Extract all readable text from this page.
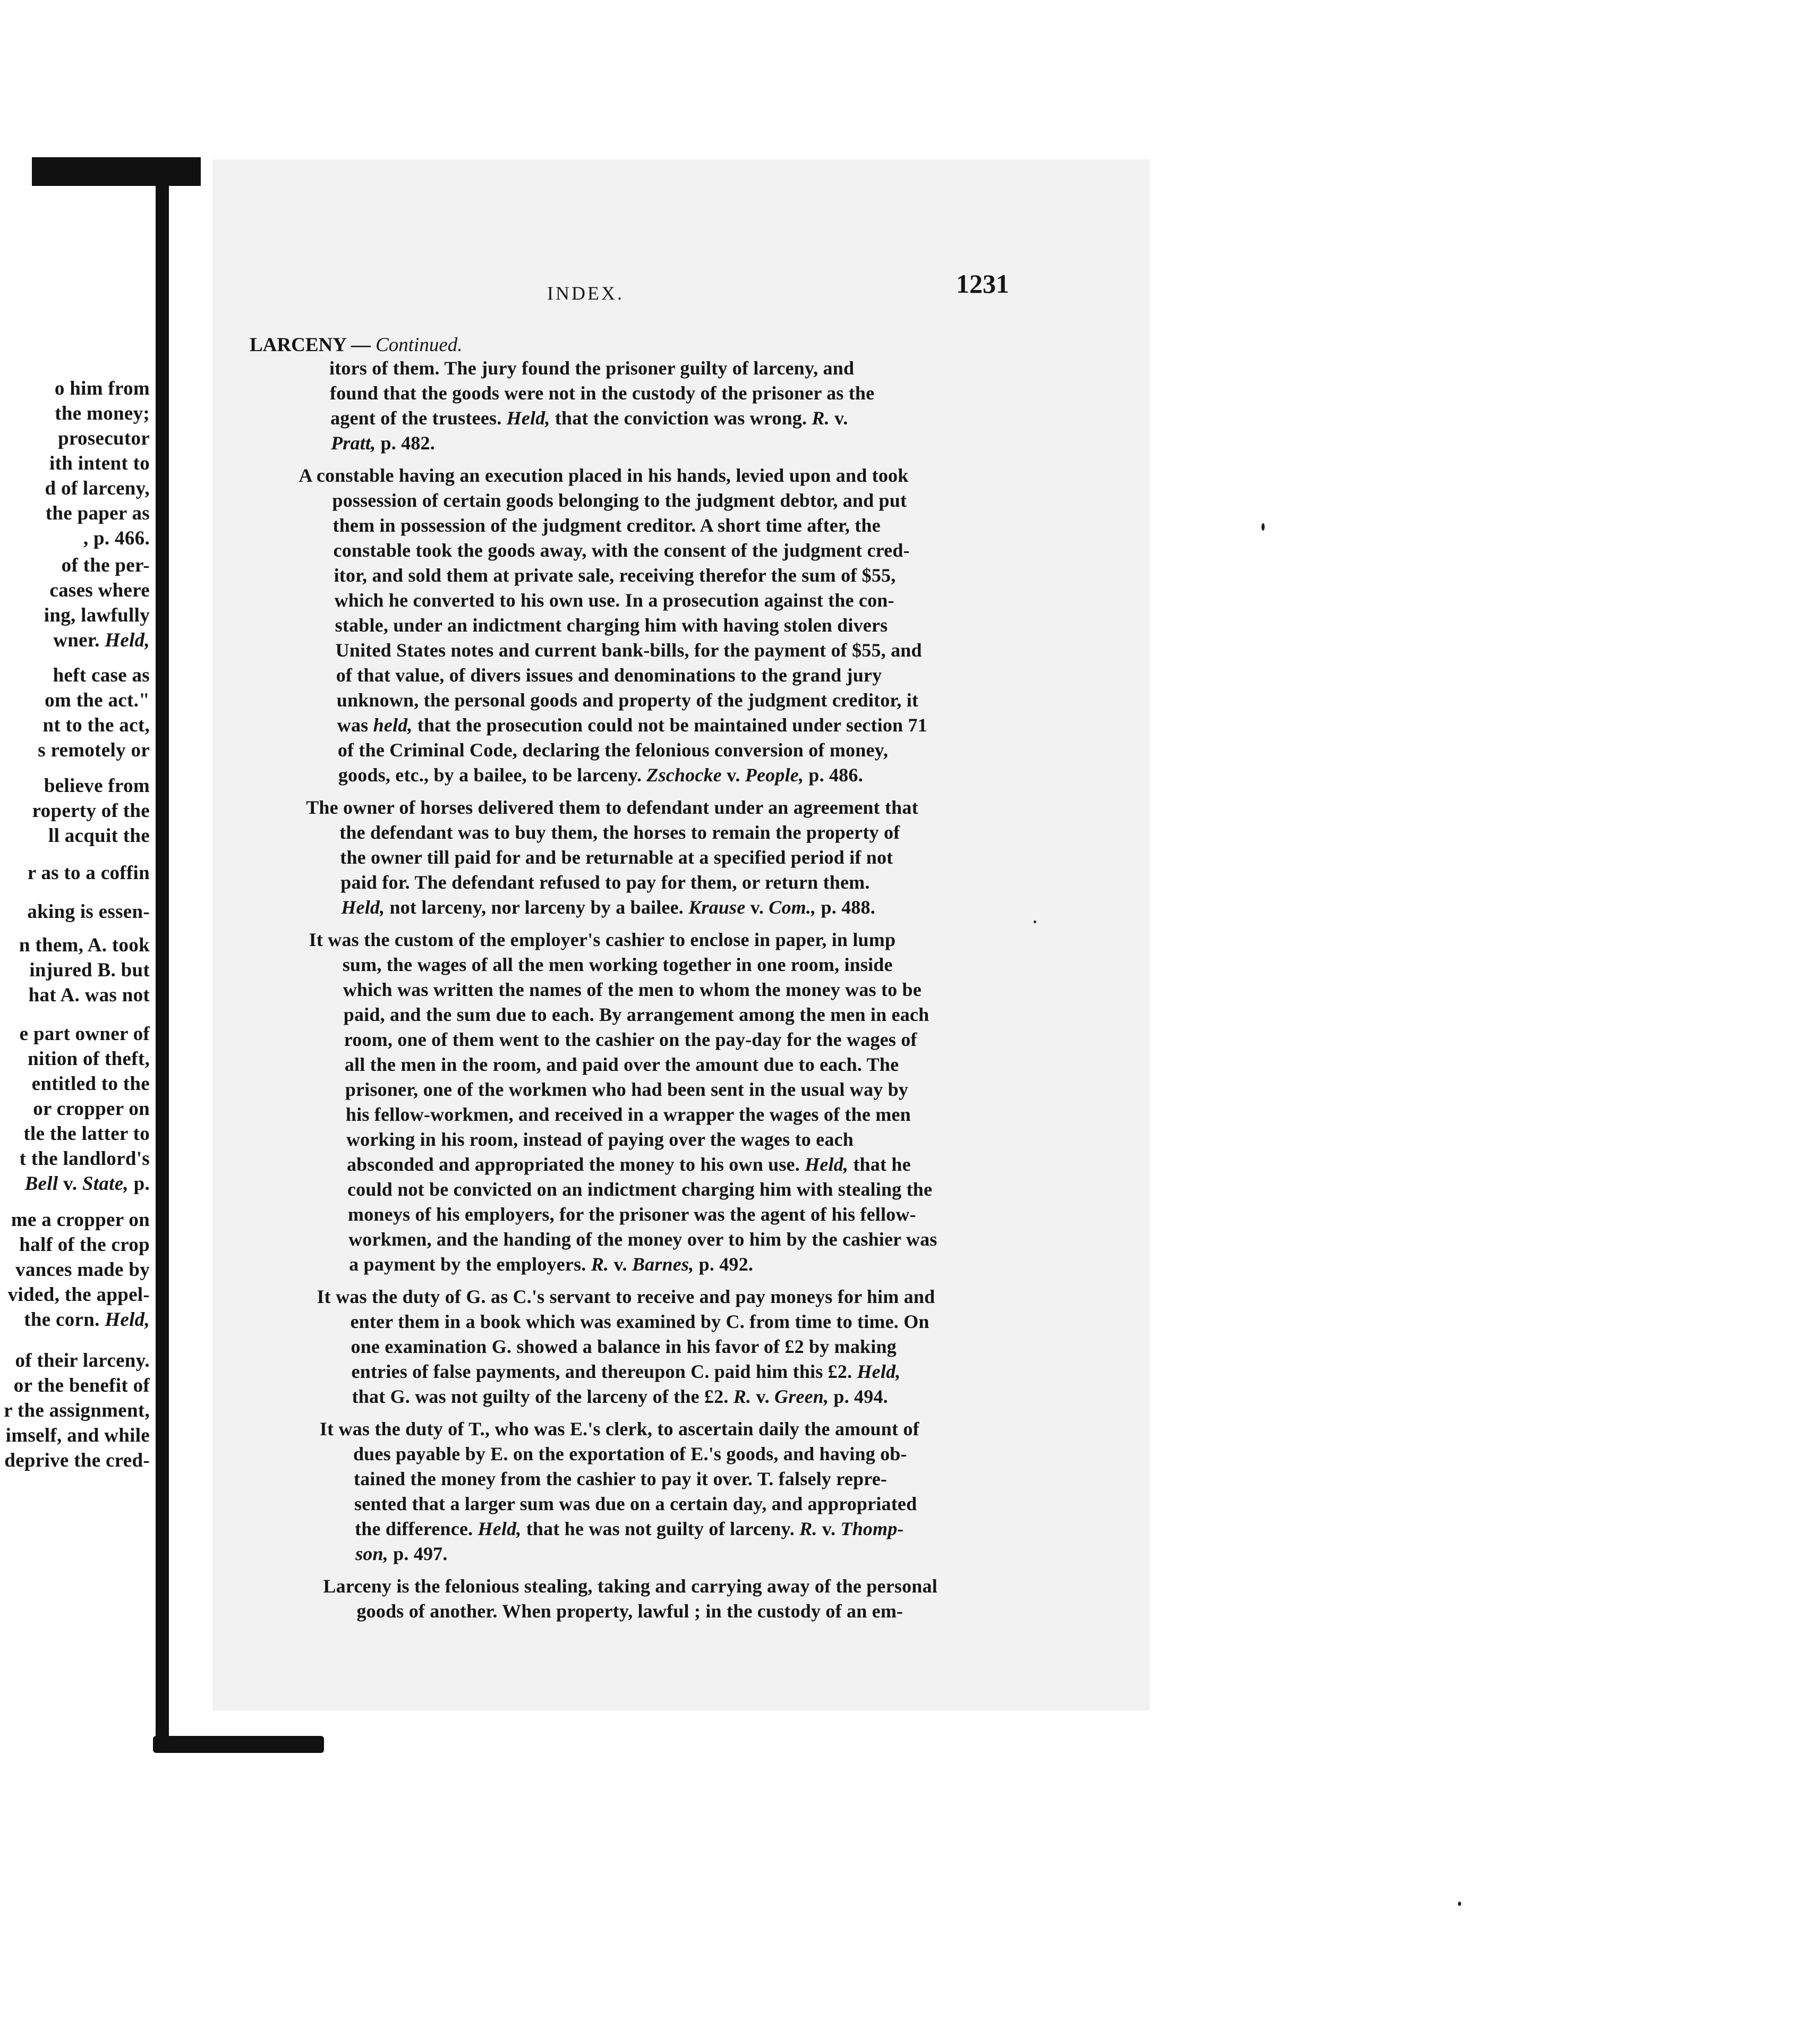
o him from
the money;
prosecutor
ith intent to
d of larceny,
the paper as
, p. 466.
of the per-
cases where
ing, lawfully
wner. Held,
heft case as
om the act."
nt to the act,
s remotely or
believe from
roperty of the
ll acquit the
r as to a coffin
aking is essen-
n them, A. took
injured B. but
hat A. was not
e part owner of
nition of theft,
entitled to the
or cropper on
tle the latter to
t the landlord's
Bell v. State, p.
me a cropper on
half of the crop
vances made by
vided, the appel-
the corn. Held,
of their larceny.
or the benefit of
r the assignment,
imself, and while
deprive the cred-
INDEX.	1231
LARCENY — Continued.
itors of them. The jury found the prisoner guilty of larceny, and
found that the goods were not in the custody of the prisoner as the
agent of the trustees. Held, that the conviction was wrong. R. v.
Pratt, p. 482.
A constable having an execution placed in his hands, levied upon and took
possession of certain goods belonging to the judgment debtor, and put
them in possession of the judgment creditor. A short time after, the
constable took the goods away, with the consent of the judgment cred-
itor, and sold them at private sale, receiving therefor the sum of $55,
which he converted to his own use. In a prosecution against the con-
stable, under an indictment charging him with having stolen divers
United States notes and current bank-bills, for the payment of $55, and
of that value, of divers issues and denominations to the grand jury
unknown, the personal goods and property of the judgment creditor, it
was held, that the prosecution could not be maintained under section 71
of the Criminal Code, declaring the felonious conversion of money,
goods, etc., by a bailee, to be larceny. Zschocke v. People, p. 486.
The owner of horses delivered them to defendant under an agreement that
the defendant was to buy them, the horses to remain the property of
the owner till paid for and be returnable at a specified period if not
paid for. The defendant refused to pay for them, or return them.
Held, not larceny, nor larceny by a bailee. Krause v. Com., p. 488.
It was the custom of the employer's cashier to enclose in paper, in lump
sum, the wages of all the men working together in one room, inside
which was written the names of the men to whom the money was to be
paid, and the sum due to each. By arrangement among the men in each
room, one of them went to the cashier on the pay-day for the wages of
all the men in the room, and paid over the amount due to each. The
prisoner, one of the workmen who had been sent in the usual way by
his fellow-workmen, and received in a wrapper the wages of the men
working in his room, instead of paying over the wages to each
absconded and appropriated the money to his own use. Held, that he
could not be convicted on an indictment charging him with stealing the
moneys of his employers, for the prisoner was the agent of his fellow-
workmen, and the handing of the money over to him by the cashier was
a payment by the employers. R. v. Barnes, p. 492.
It was the duty of G. as C.'s servant to receive and pay moneys for him and
enter them in a book which was examined by C. from time to time. On
one examination G. showed a balance in his favor of £2 by making
entries of false payments, and thereupon C. paid him this £2. Held,
that G. was not guilty of the larceny of the £2. R. v. Green, p. 494.
It was the duty of T., who was E.'s clerk, to ascertain daily the amount of
dues payable by E. on the exportation of E.'s goods, and having ob-
tained the money from the cashier to pay it over. T. falsely repre-
sented that a larger sum was due on a certain day, and appropriated
the difference. Held, that he was not guilty of larceny. R. v. Thomp-
son, p. 497.
Larceny is the felonious stealing, taking and carrying away of the personal
goods of another. When property, lawful ; in the custody of an em-
